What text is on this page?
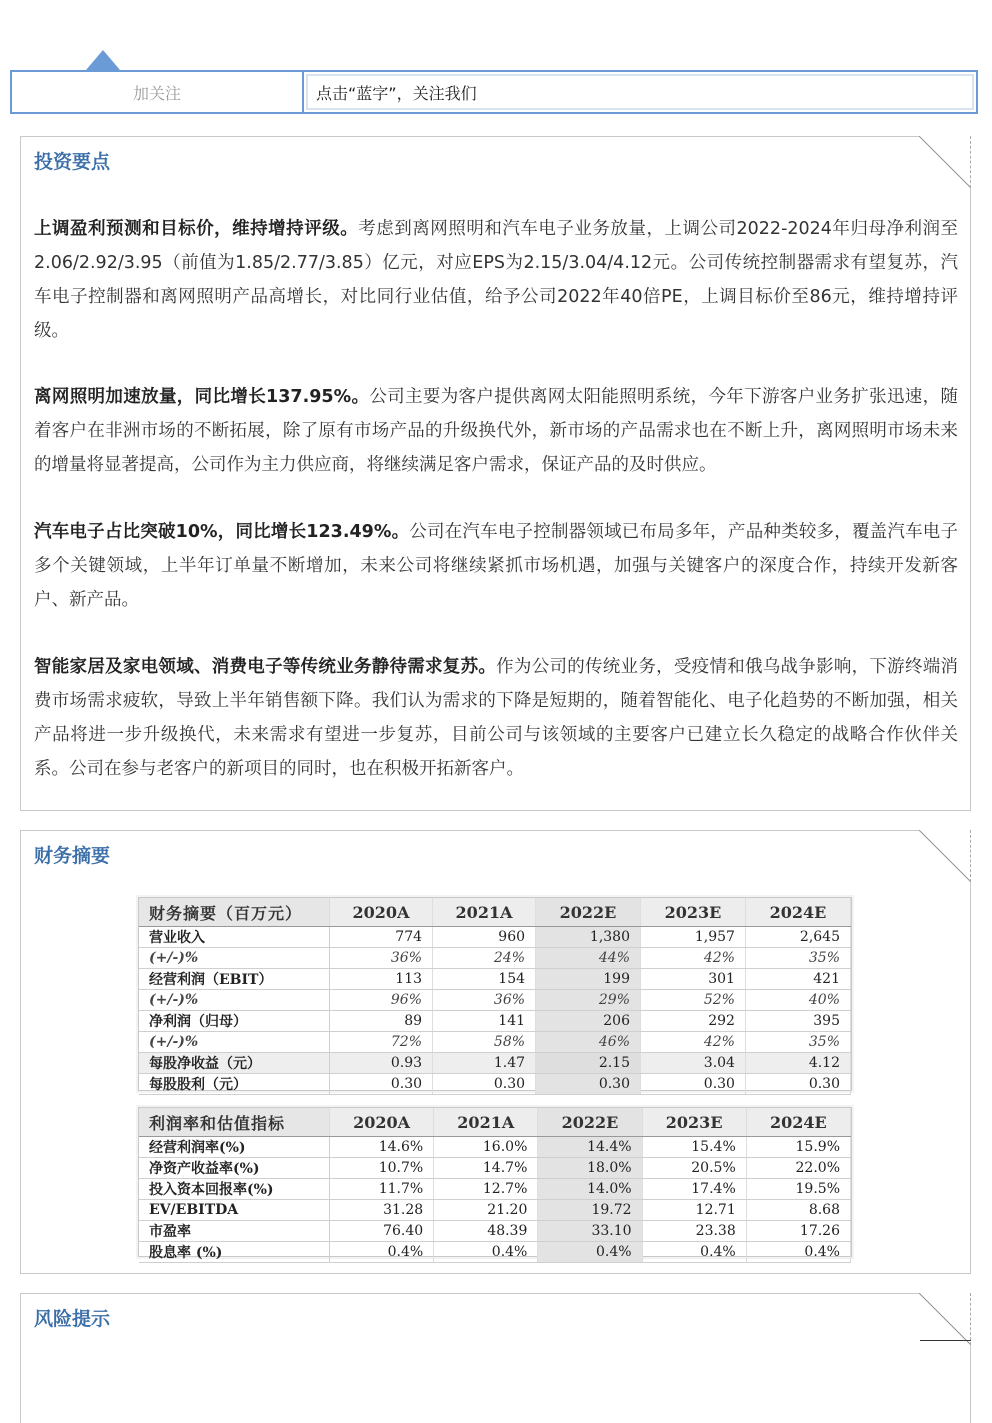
加关注	点击“蓝字”，关注我们
投资要点

上调盈利预测和目标价，维持增持评级。考虑到离网照明和汽车电子业务放量，上调公司2022-2024年归母净利润至2.06/2.92/3.95（前值为1.85/2.77/3.85）亿元，对应EPS为2.15/3.04/4.12元。公司传统控制器需求有望复苏，汽车电子控制器和离网照明产品高增长，对比同行业估值，给予公司2022年40倍PE，上调目标价至86元，维持增持评级。

离网照明加速放量，同比增长137.95%。公司主要为客户提供离网太阳能照明系统，今年下游客户业务扩张迅速，随着客户在非洲市场的不断拓展，除了原有市场产品的升级换代外，新市场的产品需求也在不断上升，离网照明市场未来的增量将显著提高，公司作为主力供应商，将继续满足客户需求，保证产品的及时供应。

汽车电子占比突破10%，同比增长123.49%。公司在汽车电子控制器领域已布局多年，产品种类较多，覆盖汽车电子多个关键领域，上半年订单量不断增加，未来公司将继续紧抓市场机遇，加强与关键客户的深度合作，持续开发新客户、新产品。

智能家居及家电领域、消费电子等传统业务静待需求复苏。作为公司的传统业务，受疫情和俄乌战争影响，下游终端消费市场需求疲软，导致上半年销售额下降。我们认为需求的下降是短期的，随着智能化、电子化趋势的不断加强，相关产品将进一步升级换代，未来需求有望进一步复苏，目前公司与该领域的主要客户已建立长久稳定的战略合作伙伴关系。公司在参与老客户的新项目的同时，也在积极开拓新客户。

财务摘要
财务摘要（百万元）	2020A	2021A	2022E	2023E	2024E
营业收入	774	960	1,380	1,957	2,645
(+/-)%	36%	24%	44%	42%	35%
经营利润（EBIT）	113	154	199	301	421
(+/-)%	96%	36%	29%	52%	40%
净利润（归母）	89	141	206	292	395
(+/-)%	72%	58%	46%	42%	35%
每股净收益（元）	0.93	1.47	2.15	3.04	4.12
每股股利（元）	0.30	0.30	0.30	0.30	0.30
利润率和估值指标	2020A	2021A	2022E	2023E	2024E
经营利润率(%)	14.6%	16.0%	14.4%	15.4%	15.9%
净资产收益率(%)	10.7%	14.7%	18.0%	20.5%	22.0%
投入资本回报率(%)	11.7%	12.7%	14.0%	17.4%	19.5%
EV/EBITDA	31.28	21.20	19.72	12.71	8.68
市盈率	76.40	48.39	33.10	23.38	17.26
股息率 (%)	0.4%	0.4%	0.4%	0.4%	0.4%
风险提示
